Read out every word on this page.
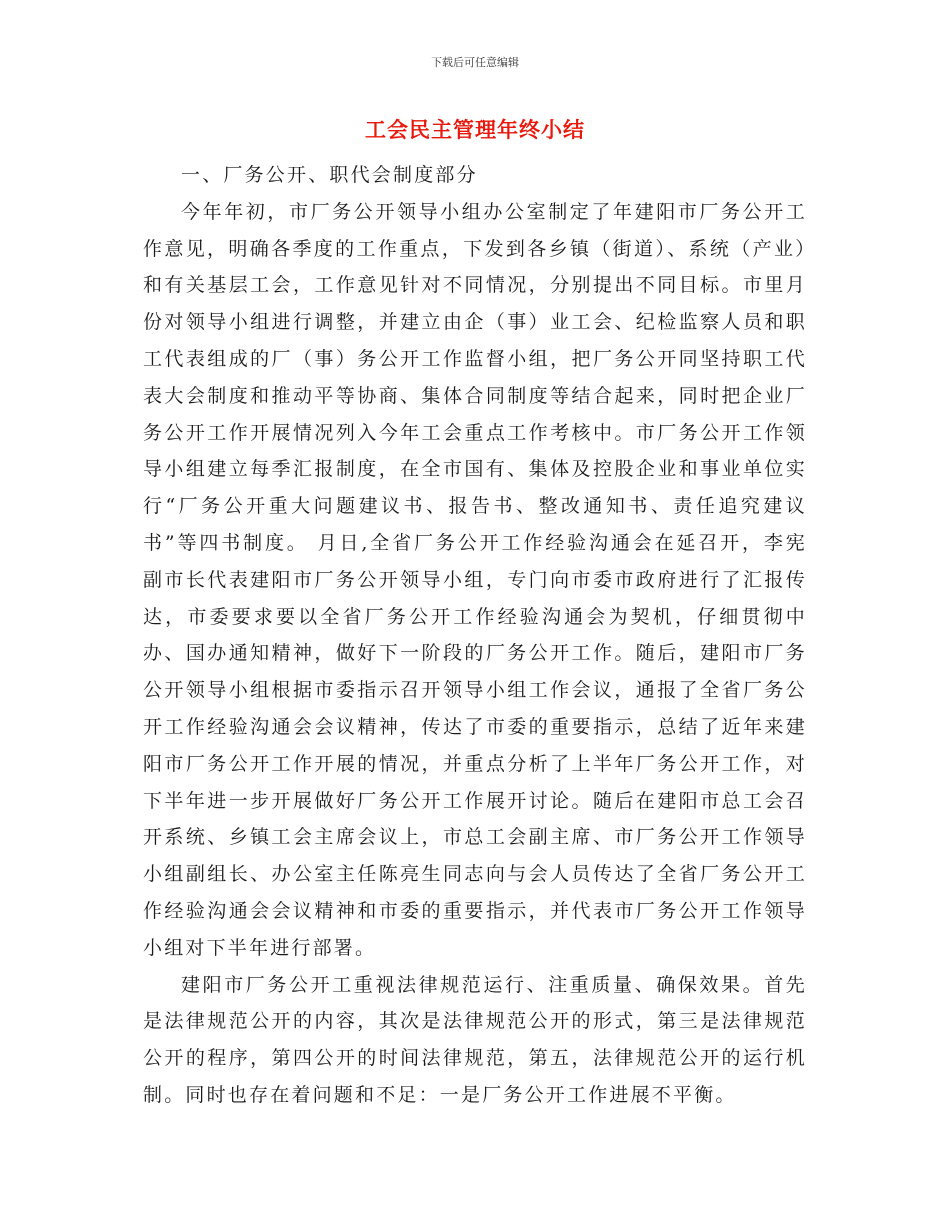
下载后可任意编辑
工会民主管理年终小结

一、厂务公开、职代会制度部分

今年年初，市厂务公开领导小组办公室制定了年建阳市厂务公开工作意见，明确各季度的工作重点，下发到各乡镇（街道）、系统（产业）和有关基层工会，工作意见针对不同情况，分别提出不同目标。市里月份对领导小组进行调整，并建立由企（事）业工会、纪检监察人员和职工代表组成的厂（事）务公开工作监督小组，把厂务公开同坚持职工代表大会制度和推动平等协商、集体合同制度等结合起来，同时把企业厂务公开工作开展情况列入今年工会重点工作考核中。市厂务公开工作领导小组建立每季汇报制度，在全市国有、集体及控股企业和事业单位实行“厂务公开重大问题建议书、报告书、整改通知书、责任追究建议书”等四书制度。 月日,全省厂务公开工作经验沟通会在延召开，李宪副市长代表建阳市厂务公开领导小组，专门向市委市政府进行了汇报传达，市委要求要以全省厂务公开工作经验沟通会为契机，仔细贯彻中办、国办通知精神，做好下一阶段的厂务公开工作。随后，建阳市厂务公开领导小组根据市委指示召开领导小组工作会议，通报了全省厂务公开工作经验沟通会会议精神，传达了市委的重要指示，总结了近年来建阳市厂务公开工作开展的情况，并重点分析了上半年厂务公开工作，对下半年进一步开展做好厂务公开工作展开讨论。随后在建阳市总工会召开系统、乡镇工会主席会议上，市总工会副主席、市厂务公开工作领导小组副组长、办公室主任陈亮生同志向与会人员传达了全省厂务公开工作经验沟通会会议精神和市委的重要指示，并代表市厂务公开工作领导小组对下半年进行部署。

建阳市厂务公开工重视法律规范运行、注重质量、确保效果。首先是法律规范公开的内容，其次是法律规范公开的形式，第三是法律规范公开的程序，第四公开的时间法律规范，第五，法律规范公开的运行机制。同时也存在着问题和不足：一是厂务公开工作进展不平衡。
